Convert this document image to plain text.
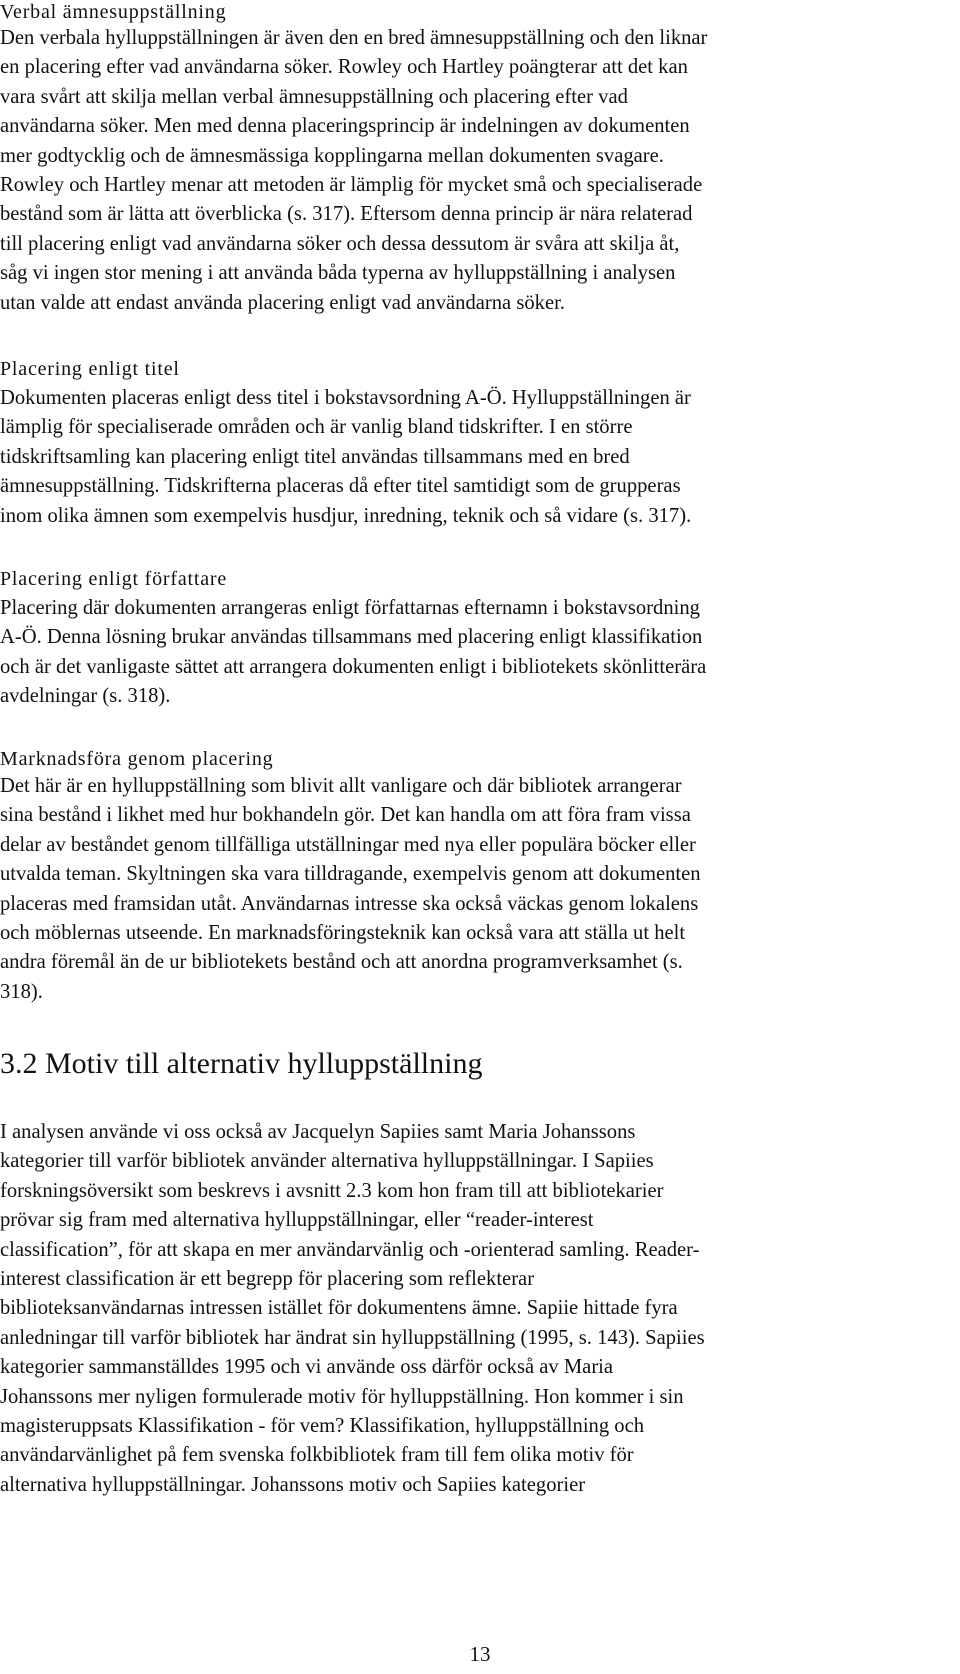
Verbal ämnesuppställning
Den verbala hylluppställningen är även den en bred ämnesuppställning och den liknar
en placering efter vad användarna söker. Rowley och Hartley poängterar att det kan
vara svårt att skilja mellan verbal ämnesuppställning och placering efter vad
användarna söker. Men med denna placeringsprincip är indelningen av dokumenten
mer godtycklig och de ämnesmässiga kopplingarna mellan dokumenten svagare.
Rowley och Hartley menar att metoden är lämplig för mycket små och specialiserade
bestånd som är lätta att överblicka (s. 317). Eftersom denna princip är nära relaterad
till placering enligt vad användarna söker och dessa dessutom är svåra att skilja åt,
såg vi ingen stor mening i att använda båda typerna av hylluppställning i analysen
utan valde att endast använda placering enligt vad användarna söker.
Placering enligt titel
Dokumenten placeras enligt dess titel i bokstavsordning A-Ö. Hylluppställningen är
lämplig för specialiserade områden och är vanlig bland tidskrifter. I en större
tidskriftsamling kan placering enligt titel användas tillsammans med en bred
ämnesuppställning. Tidskrifterna placeras då efter titel samtidigt som de grupperas
inom olika ämnen som exempelvis husdjur, inredning, teknik och så vidare (s. 317).
Placering enligt författare
Placering där dokumenten arrangeras enligt författarnas efternamn i bokstavsordning
A-Ö. Denna lösning brukar användas tillsammans med placering enligt klassifikation
och är det vanligaste sättet att arrangera dokumenten enligt i bibliotekets skönlitterära
avdelningar (s. 318).
Marknadsföra genom placering
Det här är en hylluppställning som blivit allt vanligare och där bibliotek arrangerar
sina bestånd i likhet med hur bokhandeln gör. Det kan handla om att föra fram vissa
delar av beståndet genom tillfälliga utställningar med nya eller populära böcker eller
utvalda teman. Skyltningen ska vara tilldragande, exempelvis genom att dokumenten
placeras med framsidan utåt. Användarnas intresse ska också väckas genom lokalens
och möblernas utseende. En marknadsföringsteknik kan också vara att ställa ut helt
andra föremål än de ur bibliotekets bestånd och att anordna programverksamhet (s.
318).
3.2 Motiv till alternativ hylluppställning
I analysen använde vi oss också av Jacquelyn Sapiies samt Maria Johanssons
kategorier till varför bibliotek använder alternativa hylluppställningar. I Sapiies
forskningsöversikt som beskrevs i avsnitt 2.3 kom hon fram till att bibliotekarier
prövar sig fram med alternativa hylluppställningar, eller “reader-interest
classification”, för att skapa en mer användarvänlig och -orienterad samling. Reader-
interest classification är ett begrepp för placering som reflekterar
biblioteksanvändarnas intressen istället för dokumentens ämne. Sapiie hittade fyra
anledningar till varför bibliotek har ändrat sin hylluppställning (1995, s. 143). Sapiies
kategorier sammanställdes 1995 och vi använde oss därför också av Maria
Johanssons mer nyligen formulerade motiv för hylluppställning. Hon kommer i sin
magisteruppsats Klassifikation - för vem? Klassifikation, hylluppställning och
användarvänlighet på fem svenska folkbibliotek fram till fem olika motiv för
alternativa hylluppställningar. Johanssons motiv och Sapiies kategorier
13
